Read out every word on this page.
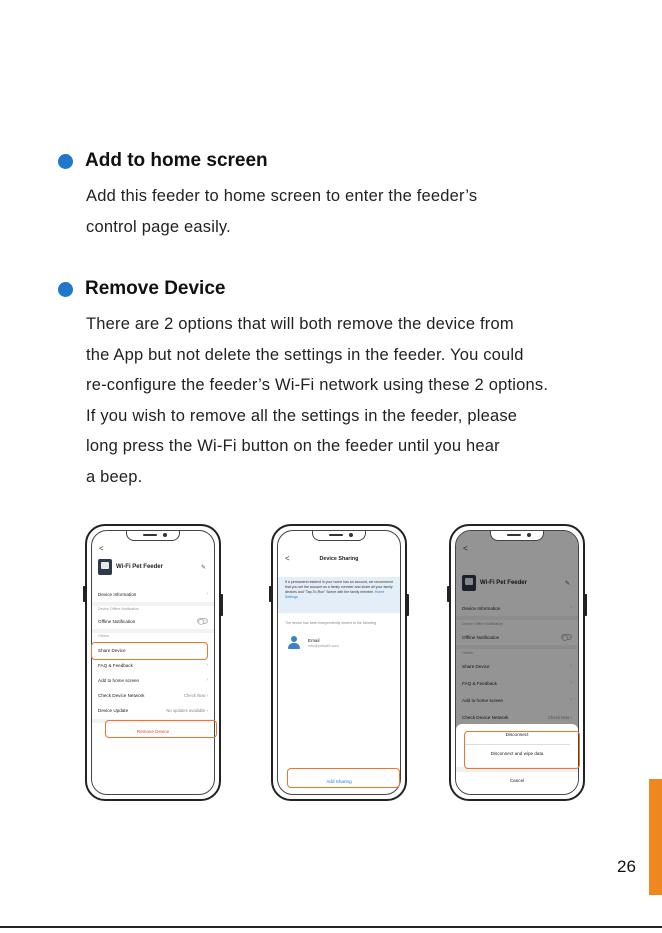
Add to home screen

Add this feeder to home screen to enter the feeder’s

control page easily.

Remove Device

There are 2 options that will both remove the device from

the App but not delete the settings in the feeder. You could

re-configure the feeder’s Wi-Fi network using these 2 options.

If you wish to remove all the settings in the feeder, please

long press the Wi-Fi button on the feeder until you hear

a beep.

<
Wi-Fi Pet Feeder	✎
Device Information	›
Device Offline Notification
Offline Notification
Others
Share Device	›
FAQ & Feedback	›
Add to home screen	›
Check Device Network	Check Now ›
Device Update	No updates available ›
Remove Device
<	Device Sharing
If a permanent resident in your home has an account, we recommend that you set the account as a family member and share all your family devices and "Tap-To-Run" Scene with the family member. Home Settings
The device has been independently shared to the following
Email
info@petsafe.com
Add Sharing
<
Wi-Fi Pet Feeder	✎
Device Information	›
Device Offline Notification
Offline Notification
Others
Share Device	›
FAQ & Feedback	›
Add to home screen	›
Check Device Network	Check Now ›
Disconnect
Disconnect and wipe data
Cancel
26
